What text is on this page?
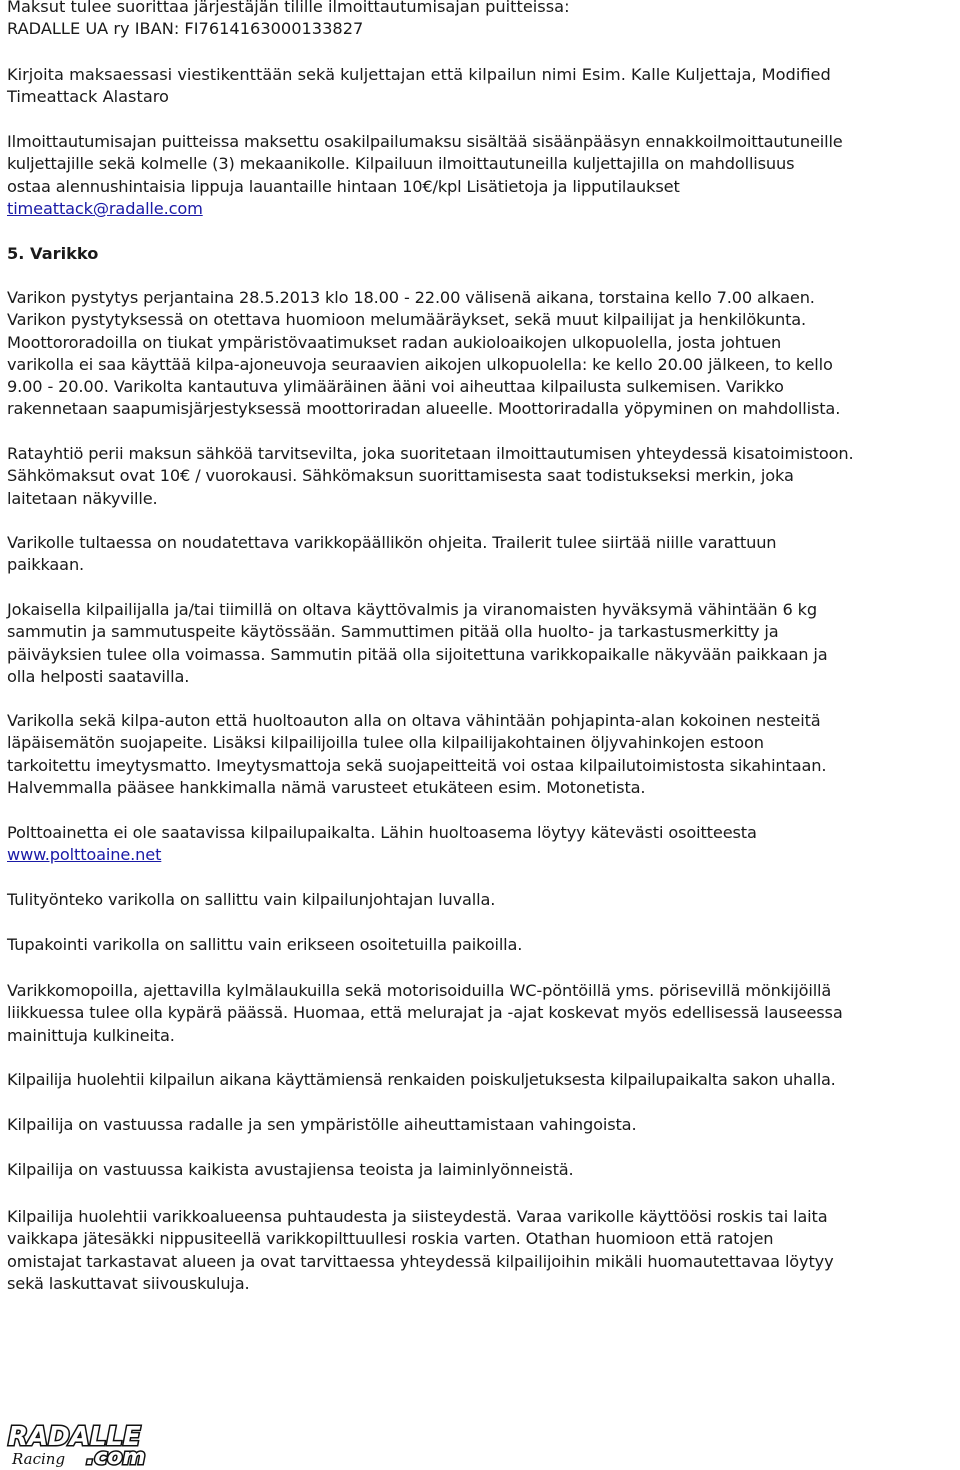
Maksut tulee suorittaa järjestäjän tilille ilmoittautumisajan puitteissa:
RADALLE UA ry IBAN: FI7614163000133827
Kirjoita maksaessasi viestikenttään sekä kuljettajan että kilpailun nimi Esim. Kalle Kuljettaja, Modified
Timeattack Alastaro
Ilmoittautumisajan puitteissa maksettu osakilpailumaksu sisältää sisäänpääsyn ennakkoilmoittautuneille
kuljettajille sekä kolmelle (3) mekaanikolle. Kilpailuun ilmoittautuneilla kuljettajilla on mahdollisuus
ostaa alennushintaisia lippuja lauantaille hintaan 10€/kpl Lisätietoja ja lipputilaukset
timeattack@radalle.com
5. Varikko
Varikon pystytys perjantaina 28.5.2013 klo 18.00 - 22.00 välisenä aikana, torstaina kello 7.00 alkaen.
Varikon pystytyksessä on otettava huomioon melumääräykset, sekä muut kilpailijat ja henkilökunta.
Moottororadoilla on tiukat ympäristövaatimukset radan aukioloaikojen ulkopuolella, josta johtuen
varikolla ei saa käyttää kilpa-ajoneuvoja seuraavien aikojen ulkopuolella: ke kello 20.00 jälkeen, to kello
9.00 - 20.00. Varikolta kantautuva ylimääräinen ääni voi aiheuttaa kilpailusta sulkemisen. Varikko
rakennetaan saapumisjärjestyksessä moottoriradan alueelle. Moottoriradalla yöpyminen on mahdollista.
Ratayhtiö perii maksun sähköä tarvitsevilta, joka suoritetaan ilmoittautumisen yhteydessä kisatoimistoon.
Sähkömaksut ovat 10€ / vuorokausi. Sähkömaksun suorittamisesta saat todistukseksi merkin, joka
laitetaan näkyville.
Varikolle tultaessa on noudatettava varikkopäällikön ohjeita. Trailerit tulee siirtää niille varattuun
paikkaan.
Jokaisella kilpailijalla ja/tai tiimillä on oltava käyttövalmis ja viranomaisten hyväksymä vähintään 6 kg
sammutin ja sammutuspeite käytössään. Sammuttimen pitää olla huolto- ja tarkastusmerkitty ja
päiväyksien tulee olla voimassa. Sammutin pitää olla sijoitettuna varikkopaikalle näkyvään paikkaan ja
olla helposti saatavilla.
Varikolla sekä kilpa-auton että huoltoauton alla on oltava vähintään pohjapinta-alan kokoinen nesteitä
läpäisemätön suojapeite. Lisäksi kilpailijoilla tulee olla kilpailijakohtainen öljyvahinkojen estoon
tarkoitettu imeytysmatto. Imeytysmattoja sekä suojapeitteitä voi ostaa kilpailutoimistosta sikahintaan.
Halvemmalla pääsee hankkimalla nämä varusteet etukäteen esim. Motonetista.
Polttoainetta ei ole saatavissa kilpailupaikalta. Lähin huoltoasema löytyy kätevästi osoitteesta
www.polttoaine.net
Tulityönteko varikolla on sallittu vain kilpailunjohtajan luvalla.
Tupakointi varikolla on sallittu vain erikseen osoitetuilla paikoilla.
Varikkomopoilla, ajettavilla kylmälaukuilla sekä motorisoiduilla WC-pöntöillä yms. pörisevillä mönkijöillä
liikkuessa tulee olla kypärä päässä. Huomaa, että melurajat ja -ajat koskevat myös edellisessä lauseessa
mainittuja kulkineita.
Kilpailija huolehtii kilpailun aikana käyttämiensä renkaiden poiskuljetuksesta kilpailupaikalta sakon uhalla.
Kilpailija on vastuussa radalle ja sen ympäristölle aiheuttamistaan vahingoista.
Kilpailija on vastuussa kaikista avustajiensa teoista ja laiminlyönneistä.
Kilpailija huolehtii varikkoalueensa puhtaudesta ja siisteydestä. Varaa varikolle käyttöösi roskis tai laita
vaikkapa jätesäkki nippusiteellä varikkopilttuullesi roskia varten. Otathan huomioon että ratojen
omistajat tarkastavat alueen ja ovat tarvittaessa yhteydessä kilpailijoihin mikäli huomautettavaa löytyy
sekä laskuttavat siivouskuluja.
RADALLE
Racing .com
